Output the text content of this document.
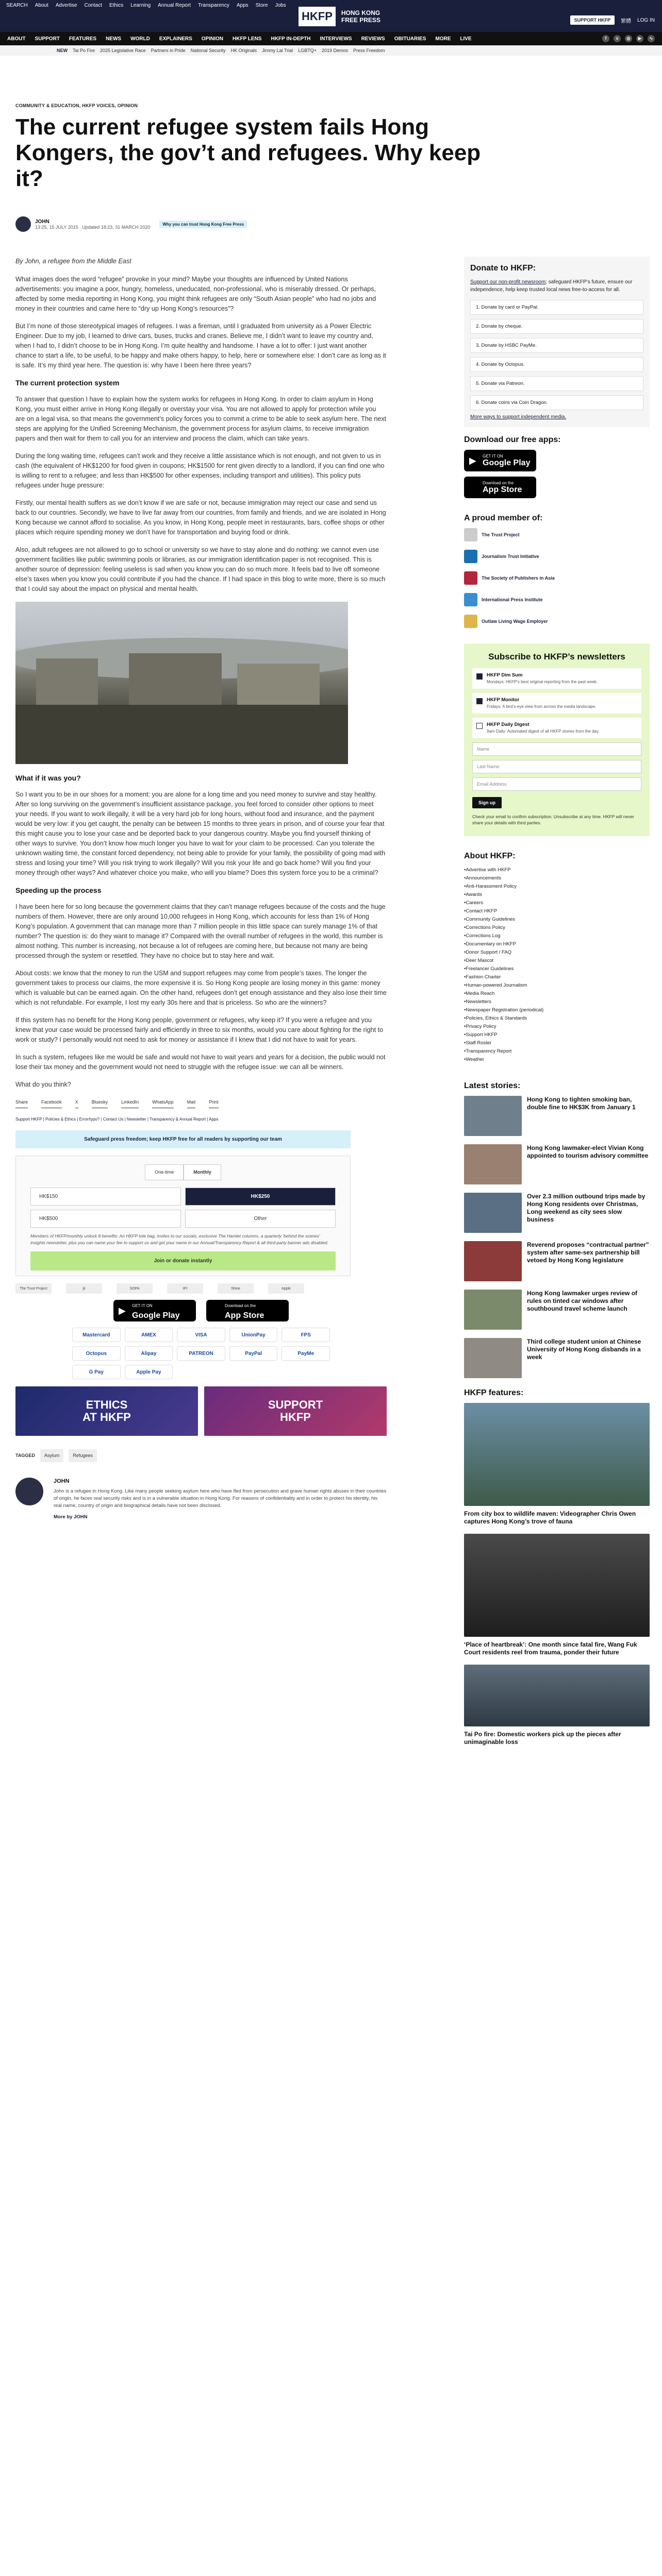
SEARCH About Advertise Contact Ethics Learning Annual Report Transparency Apps Store Jobs
HKFP	HONG KONG FREE PRESS	SUPPORT HKFP	繁體 LOG IN
ABOUT SUPPORT FEATURES NEWS WORLD EXPLAINERS OPINION HKFP LENS HKFP IN-DEPTH INTERVIEWS REVIEWS OBITUARIES MORE LIVE	f	x	◎	▶	∿
NEW Tai Po Fire 2025 Legislative Race Partners in Pride National Security HK Originals Jimmy Lai Trial LGBTQ+ 2019 Demos Press Freedom
COMMUNITY & EDUCATION, HKFP VOICES, OPINION
The current refugee system fails Hong Kongers, the gov’t and refugees. Why keep it?
JOHN
13:25, 15 JULY 2015 Updated 18:23, 31 MARCH 2020
Why you can trust Hong Kong Free Press

By John, a refugee from the Middle East

What images does the word “refugee” provoke in your mind? Maybe your thoughts are influenced by United Nations advertisements: you imagine a poor, hungry, homeless, uneducated, non-professional, who is miserably dressed. Or perhaps, affected by some media reporting in Hong Kong, you might think refugees are only “South Asian people” who had no jobs and money in their countries and came here to “dry up Hong Kong’s resources”?

But I’m none of those stereotypical images of refugees. I was a fireman, until I graduated from university as a Power Electric Engineer. Due to my job, I learned to drive cars, buses, trucks and cranes. Believe me, I didn’t want to leave my country and, when I had to, I didn’t choose to be in Hong Kong. I’m quite healthy and handsome. I have a lot to offer: I just want another chance to start a life, to be useful, to be happy and make others happy, to help, here or somewhere else: I don’t care as long as it is safe. It’s my third year here. The question is: why have I been here three years?

The current protection system

To answer that question I have to explain how the system works for refugees in Hong Kong. In order to claim asylum in Hong Kong, you must either arrive in Hong Kong illegally or overstay your visa. You are not allowed to apply for protection while you are on a legal visa, so that means the government’s policy forces you to commit a crime to be able to seek asylum here. The next steps are applying for the Unified Screening Mechanism, the government process for asylum claims, to receive immigration papers and then wait for them to call you for an interview and process the claim, which can take years.

During the long waiting time, refugees can’t work and they receive a little assistance which is not enough, and not given to us in cash (the equivalent of HK$1200 for food given in coupons; HK$1500 for rent given directly to a landlord, if you can find one who is willing to rent to a refugee; and less than HK$500 for other expenses, including transport and utilities). This policy puts refugees under huge pressure:

Firstly, our mental health suffers as we don’t know if we are safe or not, because immigration may reject our case and send us back to our countries. Secondly, we have to live far away from our countries, from family and friends, and we are isolated in Hong Kong because we cannot afford to socialise. As you know, in Hong Kong, people meet in restaurants, bars, coffee shops or other places which require spending money we don’t have for transportation and buying food or drink.

Also, adult refugees are not allowed to go to school or university so we have to stay alone and do nothing: we cannot even use government facilities like public swimming pools or libraries, as our immigration identification paper is not recognised. This is another source of depression: feeling useless is sad when you know you can do so much more. It feels bad to live off someone else’s taxes when you know you could contribute if you had the chance. If I had space in this blog to write more, there is so much that I could say about the impact on physical and mental health.

What if it was you?

So I want you to be in our shoes for a moment: you are alone for a long time and you need money to survive and stay healthy. After so long surviving on the government’s insufficient assistance package, you feel forced to consider other options to meet your needs. If you want to work illegally, it will be a very hard job for long hours, without food and insurance, and the payment would be very low: if you get caught, the penalty can be between 15 months to three years in prison, and of course your fear that this might cause you to lose your case and be deported back to your dangerous country. Maybe you find yourself thinking of other ways to survive. You don’t know how much longer you have to wait for your claim to be processed. Can you tolerate the unknown waiting time, the constant forced dependency, not being able to provide for your family, the possibility of going mad with stress and losing your time? Will you risk trying to work illegally? Will you risk your life and go back home? Will you find your money through other ways? And whatever choice you make, who will you blame? Does this system force you to be a criminal?

Speeding up the process

I have been here for so long because the government claims that they can’t manage refugees because of the costs and the huge numbers of them. However, there are only around 10,000 refugees in Hong Kong, which accounts for less than 1% of Hong Kong’s population. A government that can manage more than 7 million people in this little space can surely manage 1% of that number? The question is: do they want to manage it? Compared with the overall number of refugees in the world, this number is almost nothing. This number is increasing, not because a lot of refugees are coming here, but because not many are being processed through the system or resettled. They have no choice but to stay here and wait.

About costs: we know that the money to run the USM and support refugees may come from people’s taxes. The longer the government takes to process our claims, the more expensive it is. So Hong Kong people are losing money in this game: money which is valuable but can be earned again. On the other hand, refugees don’t get enough assistance and they also lose their time which is not refundable. For example, I lost my early 30s here and that is priceless. So who are the winners?

If this system has no benefit for the Hong Kong people, government or refugees, why keep it? If you were a refugee and you knew that your case would be processed fairly and efficiently in three to six months, would you care about fighting for the right to work or study? I personally would not need to ask for money or assistance if I knew that I did not have to wait for years.

In such a system, refugees like me would be safe and would not have to wait years and years for a decision, the public would not lose their tax money and the government would not need to struggle with the refugee issue: we can all be winners.

What do you think?

Share	Facebook	X	Bluesky	LinkedIn	WhatsApp	Mail	Print
Support HKFP | Policies & Ethics | Error/typo? | Contact Us | Newsletter | Transparency & Annual Report | Apps
Safeguard press freedom; keep HKFP free for all readers by supporting our team
One-time	Monthly
HK$150	HK$250
HK$500	Other
Members of HKFP/monthly unlock 8 benefits: An HKFP tote bag, invites to our socials, exclusive The Hamlet columns, a quarterly 'behind the scenes' insights newsletter, plus you can name your fee to support us and get your name in our Annual/Transparency Report & all third-party banner ads disabled.
Join or donate instantly
The Trust Project	jti	SOPA	IPI	Shine	Apple
▶	GET IT ON
Google Play
Download on the
App Store
Mastercard	AMEX	VISA	UnionPay	FPS
Octopus	Alipay	PATREON	PayPal	PayMe
G Pay	Apple Pay
ETHICS
AT HKFP
SUPPORT
HKFP
TAGGED	Asylum	Refugees
JOHN
John is a refugee in Hong Kong. Like many people seeking asylum here who have fled from persecution and grave human rights abuses in their countries of origin, he faces real security risks and is in a vulnerable situation in Hong Kong. For reasons of confidentiality and in order to protect his identity, his real name, country of origin and biographical details have not been disclosed.
More by JOHN
Donate to HKFP:
Support our non-profit newsroom; safeguard HKFP’s future, ensure our independence, help keep trusted local news free-to-access for all.
1. Donate by card or PayPal.
2. Donate by cheque.
3. Donate by HSBC PayMe.
4. Donate by Octopus.
5. Donate via Patreon.
6. Donate coins via Coin Dragon.
More ways to support independent media.
Download our free apps:
▶	GET IT ON
Google Play
Download on the
App Store
A proud member of:
The Trust Project
Journalism Trust Initiative
The Society of Publishers in Asia
International Press Institute
Outlaw Living Wage Employer
Subscribe to HKFP’s newsletters
HKFP Dim Sum
Mondays: HKFP’s best original reporting from the past week.
HKFP Monitor
Fridays: A bird’s-eye view from across the media landscape.
HKFP Daily Digest
9am Daily: Automated digest of all HKFP stories from the day.
Name
Last Name
Email Address
Sign up
Check your email to confirm subscription. Unsubscribe at any time. HKFP will never share your details with third parties.
About HKFP:
• Advertise with HKFP
• Announcements
• Anti-Harassment Policy
• Awards
• Careers
• Contact HKFP
• Community Guidelines
• Corrections Policy
• Corrections Log
• Documentary on HKFP
• Donor Support / FAQ
• Deer Mascot
• Freelancer Guidelines
• Fashion Charter
• Human-powered Journalism
• Media Reach
• Newsletters
• Newspaper Registration (periodical)
• Policies, Ethics & Standards
• Privacy Policy
• Support HKFP
• Staff Roster
• Transparency Report
• Weather
Latest stories:
Hong Kong to tighten smoking ban, double fine to HK$3K from January 1
Hong Kong lawmaker-elect Vivian Kong appointed to tourism advisory committee
Over 2.3 million outbound trips made by Hong Kong residents over Christmas, Long weekend as city sees slow business
Reverend proposes “contractual partner” system after same-sex partnership bill vetoed by Hong Kong legislature
Hong Kong lawmaker urges review of rules on tinted car windows after southbound travel scheme launch
Third college student union at Chinese University of Hong Kong disbands in a week
HKFP features:
From city box to wildlife maven: Videographer Chris Owen captures Hong Kong’s trove of fauna
‘Place of heartbreak’: One month since fatal fire, Wang Fuk Court residents reel from trauma, ponder their future
Tai Po fire: Domestic workers pick up the pieces after unimaginable loss
